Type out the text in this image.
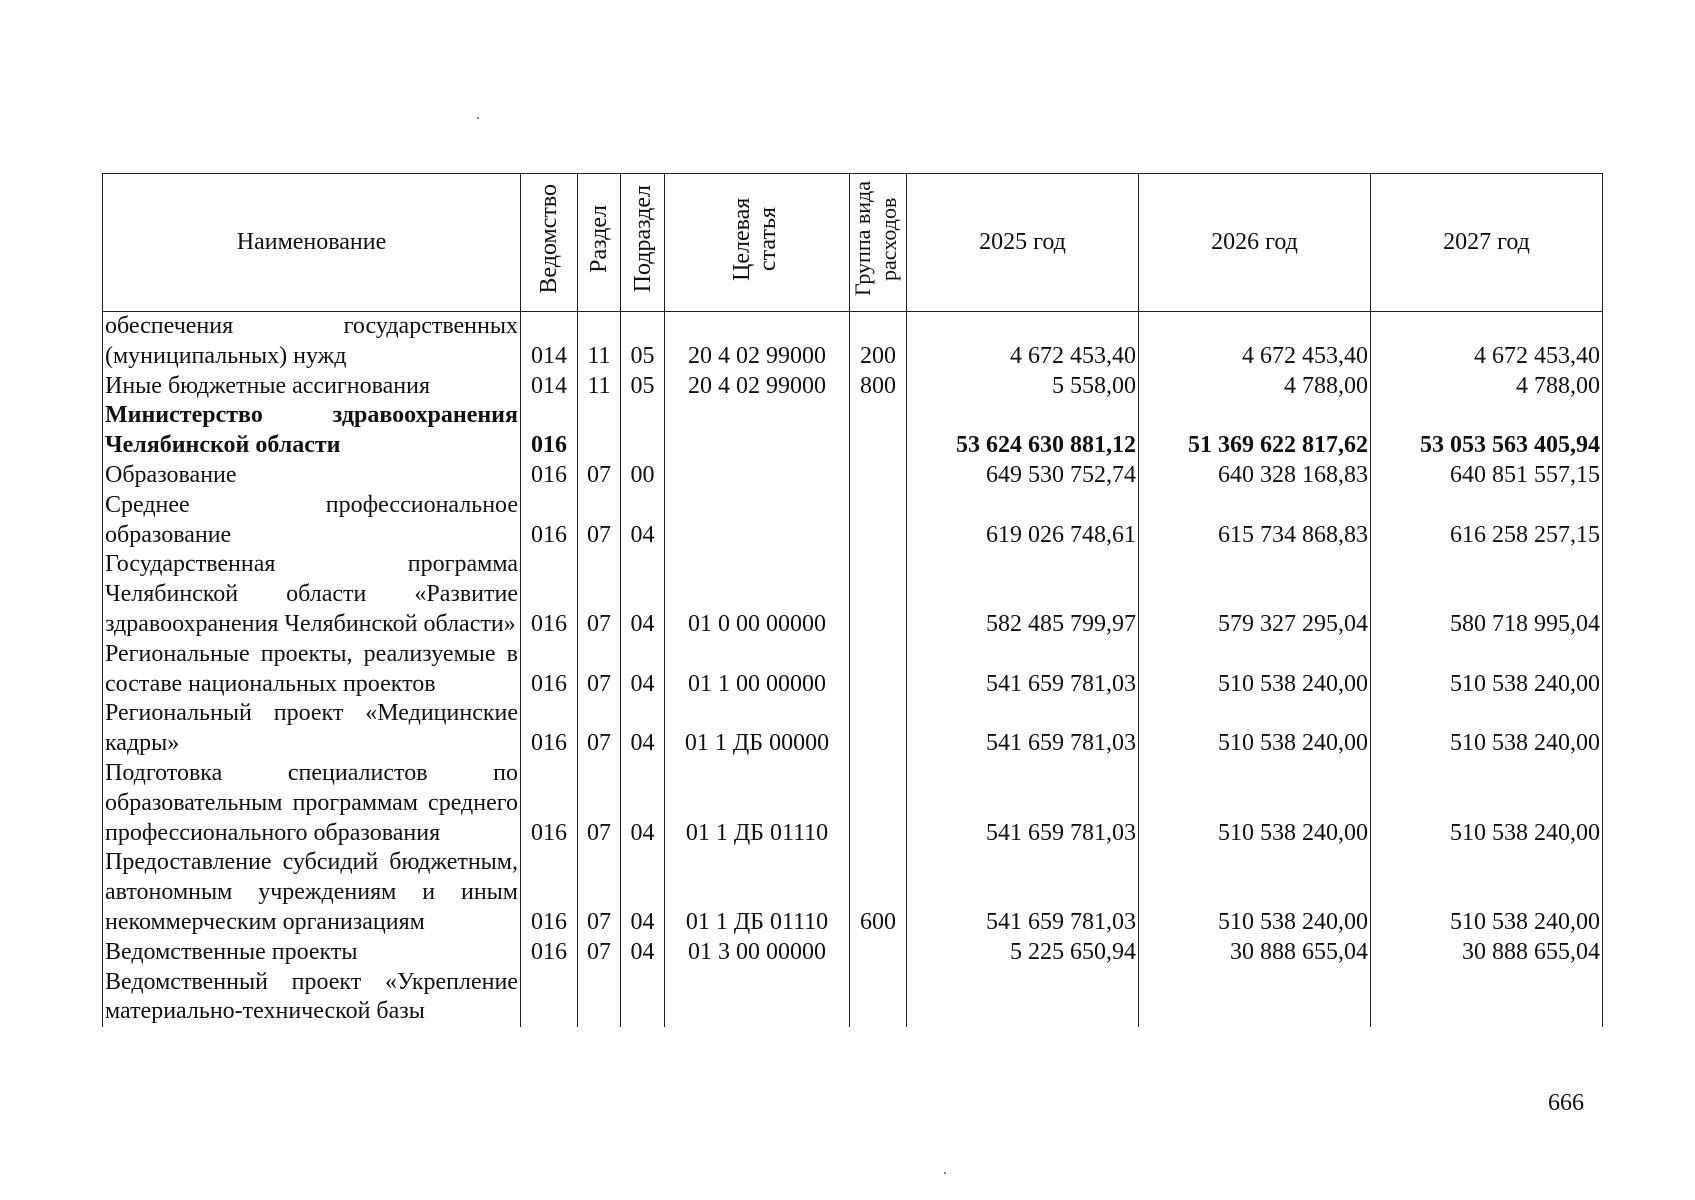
Наименование	Ведомство	Раздел	Подраздел	Целевая статья	Группа вида расходов	2025 год	2026 год	2027 год
обеспечения государственных (муниципальных) нужд	014	11	05	20 4 02 99000	200	4 672 453,40	4 672 453,40	4 672 453,40
Иные бюджетные ассигнования	014	11	05	20 4 02 99000	800	5 558,00	4 788,00	4 788,00
Министерство здравоохранения Челябинской области	016					53 624 630 881,12	51 369 622 817,62	53 053 563 405,94
Образование	016	07	00			649 530 752,74	640 328 168,83	640 851 557,15
Среднее профессиональное образование	016	07	04			619 026 748,61	615 734 868,83	616 258 257,15
Государственная программа Челябинской области «Развитие здравоохранения Челябинской области»	016	07	04	01 0 00 00000		582 485 799,97	579 327 295,04	580 718 995,04
Региональные проекты, реализуемые в составе национальных проектов	016	07	04	01 1 00 00000		541 659 781,03	510 538 240,00	510 538 240,00
Региональный проект «Медицинские кадры»	016	07	04	01 1 ДБ 00000		541 659 781,03	510 538 240,00	510 538 240,00
Подготовка специалистов по образовательным программам среднего профессионального образования	016	07	04	01 1 ДБ 01110		541 659 781,03	510 538 240,00	510 538 240,00
Предоставление субсидий бюджетным, автономным учреждениям и иным некоммерческим организациям	016	07	04	01 1 ДБ 01110	600	541 659 781,03	510 538 240,00	510 538 240,00
Ведомственные проекты	016	07	04	01 3 00 00000		5 225 650,94	30 888 655,04	30 888 655,04
Ведомственный проект «Укрепление материально-технической базы								
666
